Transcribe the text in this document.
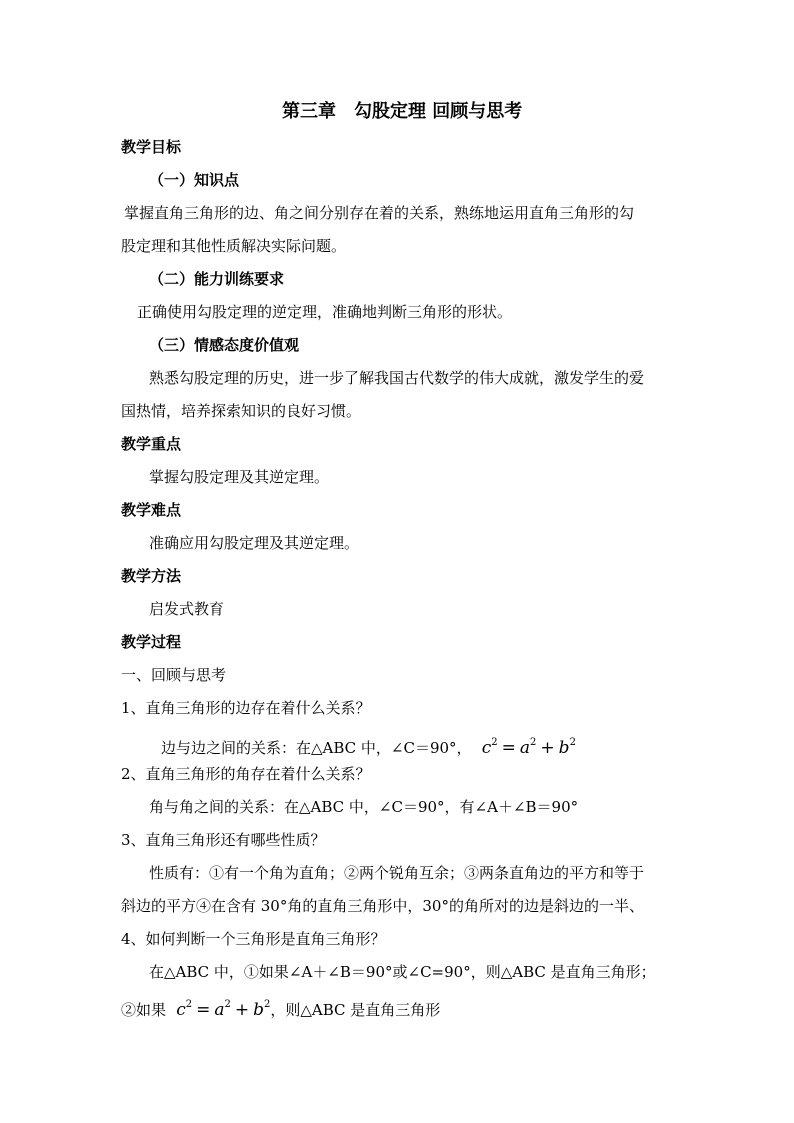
第三章　勾股定理 回顾与思考
教学目标
（一）知识点
掌握直角三角形的边、角之间分别存在着的关系，熟练地运用直角三角形的勾
股定理和其他性质解决实际问题。
（二）能力训练要求
正确使用勾股定理的逆定理，准确地判断三角形的形状。
（三）情感态度价值观
熟悉勾股定理的历史，进一步了解我国古代数学的伟大成就，激发学生的爱
国热情，培养探索知识的良好习惯。
教学重点
掌握勾股定理及其逆定理。
教学难点
准确应用勾股定理及其逆定理。
教学方法
启发式教育
教学过程
一、回顾与思考
1、直角三角形的边存在着什么关系？
边与边之间的关系：在△ABC 中，∠C＝90°，  $c^2 = a^2 + b^2$
2、直角三角形的角存在着什么关系？
角与角之间的关系：在△ABC 中，∠C＝90°，有∠A＋∠B＝90°
3、直角三角形还有哪些性质？
性质有：①有一个角为直角；②两个锐角互余；③两条直角边的平方和等于
斜边的平方④在含有 30°角的直角三角形中，30°的角所对的边是斜边的一半、
4、如何判断一个三角形是直角三角形？
在△ABC 中，①如果∠A＋∠B＝90°或∠C=90°，则△ABC 是直角三角形；
②如果  $c^2 = a^2 + b^2$，则△ABC 是直角三角形
